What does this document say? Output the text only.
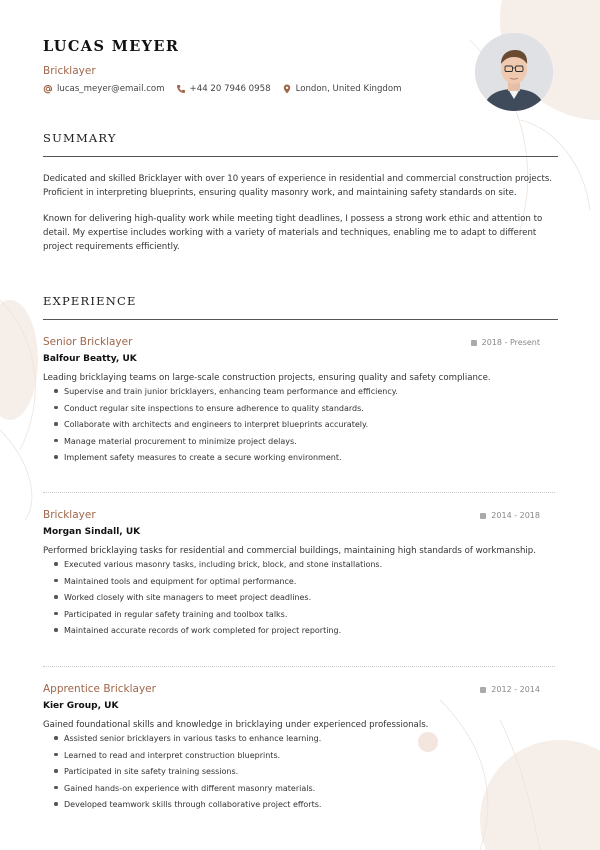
LUCAS MEYER
Bricklayer
lucas_meyer@email.com	+44 20 7946 0958	London, United Kingdom
SUMMARY
Dedicated and skilled Bricklayer with over 10 years of experience in residential and commercial construction projects. Proficient in interpreting blueprints, ensuring quality masonry work, and maintaining safety standards on site.
Known for delivering high-quality work while meeting tight deadlines, I possess a strong work ethic and attention to detail. My expertise includes working with a variety of materials and techniques, enabling me to adapt to different project requirements efficiently.
EXPERIENCE
Senior Bricklayer	2018 - Present
Balfour Beatty, UK
Leading bricklaying teams on large-scale construction projects, ensuring quality and safety compliance.
Supervise and train junior bricklayers, enhancing team performance and efficiency.
Conduct regular site inspections to ensure adherence to quality standards.
Collaborate with architects and engineers to interpret blueprints accurately.
Manage material procurement to minimize project delays.
Implement safety measures to create a secure working environment.
Bricklayer	2014 - 2018
Morgan Sindall, UK
Performed bricklaying tasks for residential and commercial buildings, maintaining high standards of workmanship.
Executed various masonry tasks, including brick, block, and stone installations.
Maintained tools and equipment for optimal performance.
Worked closely with site managers to meet project deadlines.
Participated in regular safety training and toolbox talks.
Maintained accurate records of work completed for project reporting.
Apprentice Bricklayer	2012 - 2014
Kier Group, UK
Gained foundational skills and knowledge in bricklaying under experienced professionals.
Assisted senior bricklayers in various tasks to enhance learning.
Learned to read and interpret construction blueprints.
Participated in site safety training sessions.
Gained hands-on experience with different masonry materials.
Developed teamwork skills through collaborative project efforts.
